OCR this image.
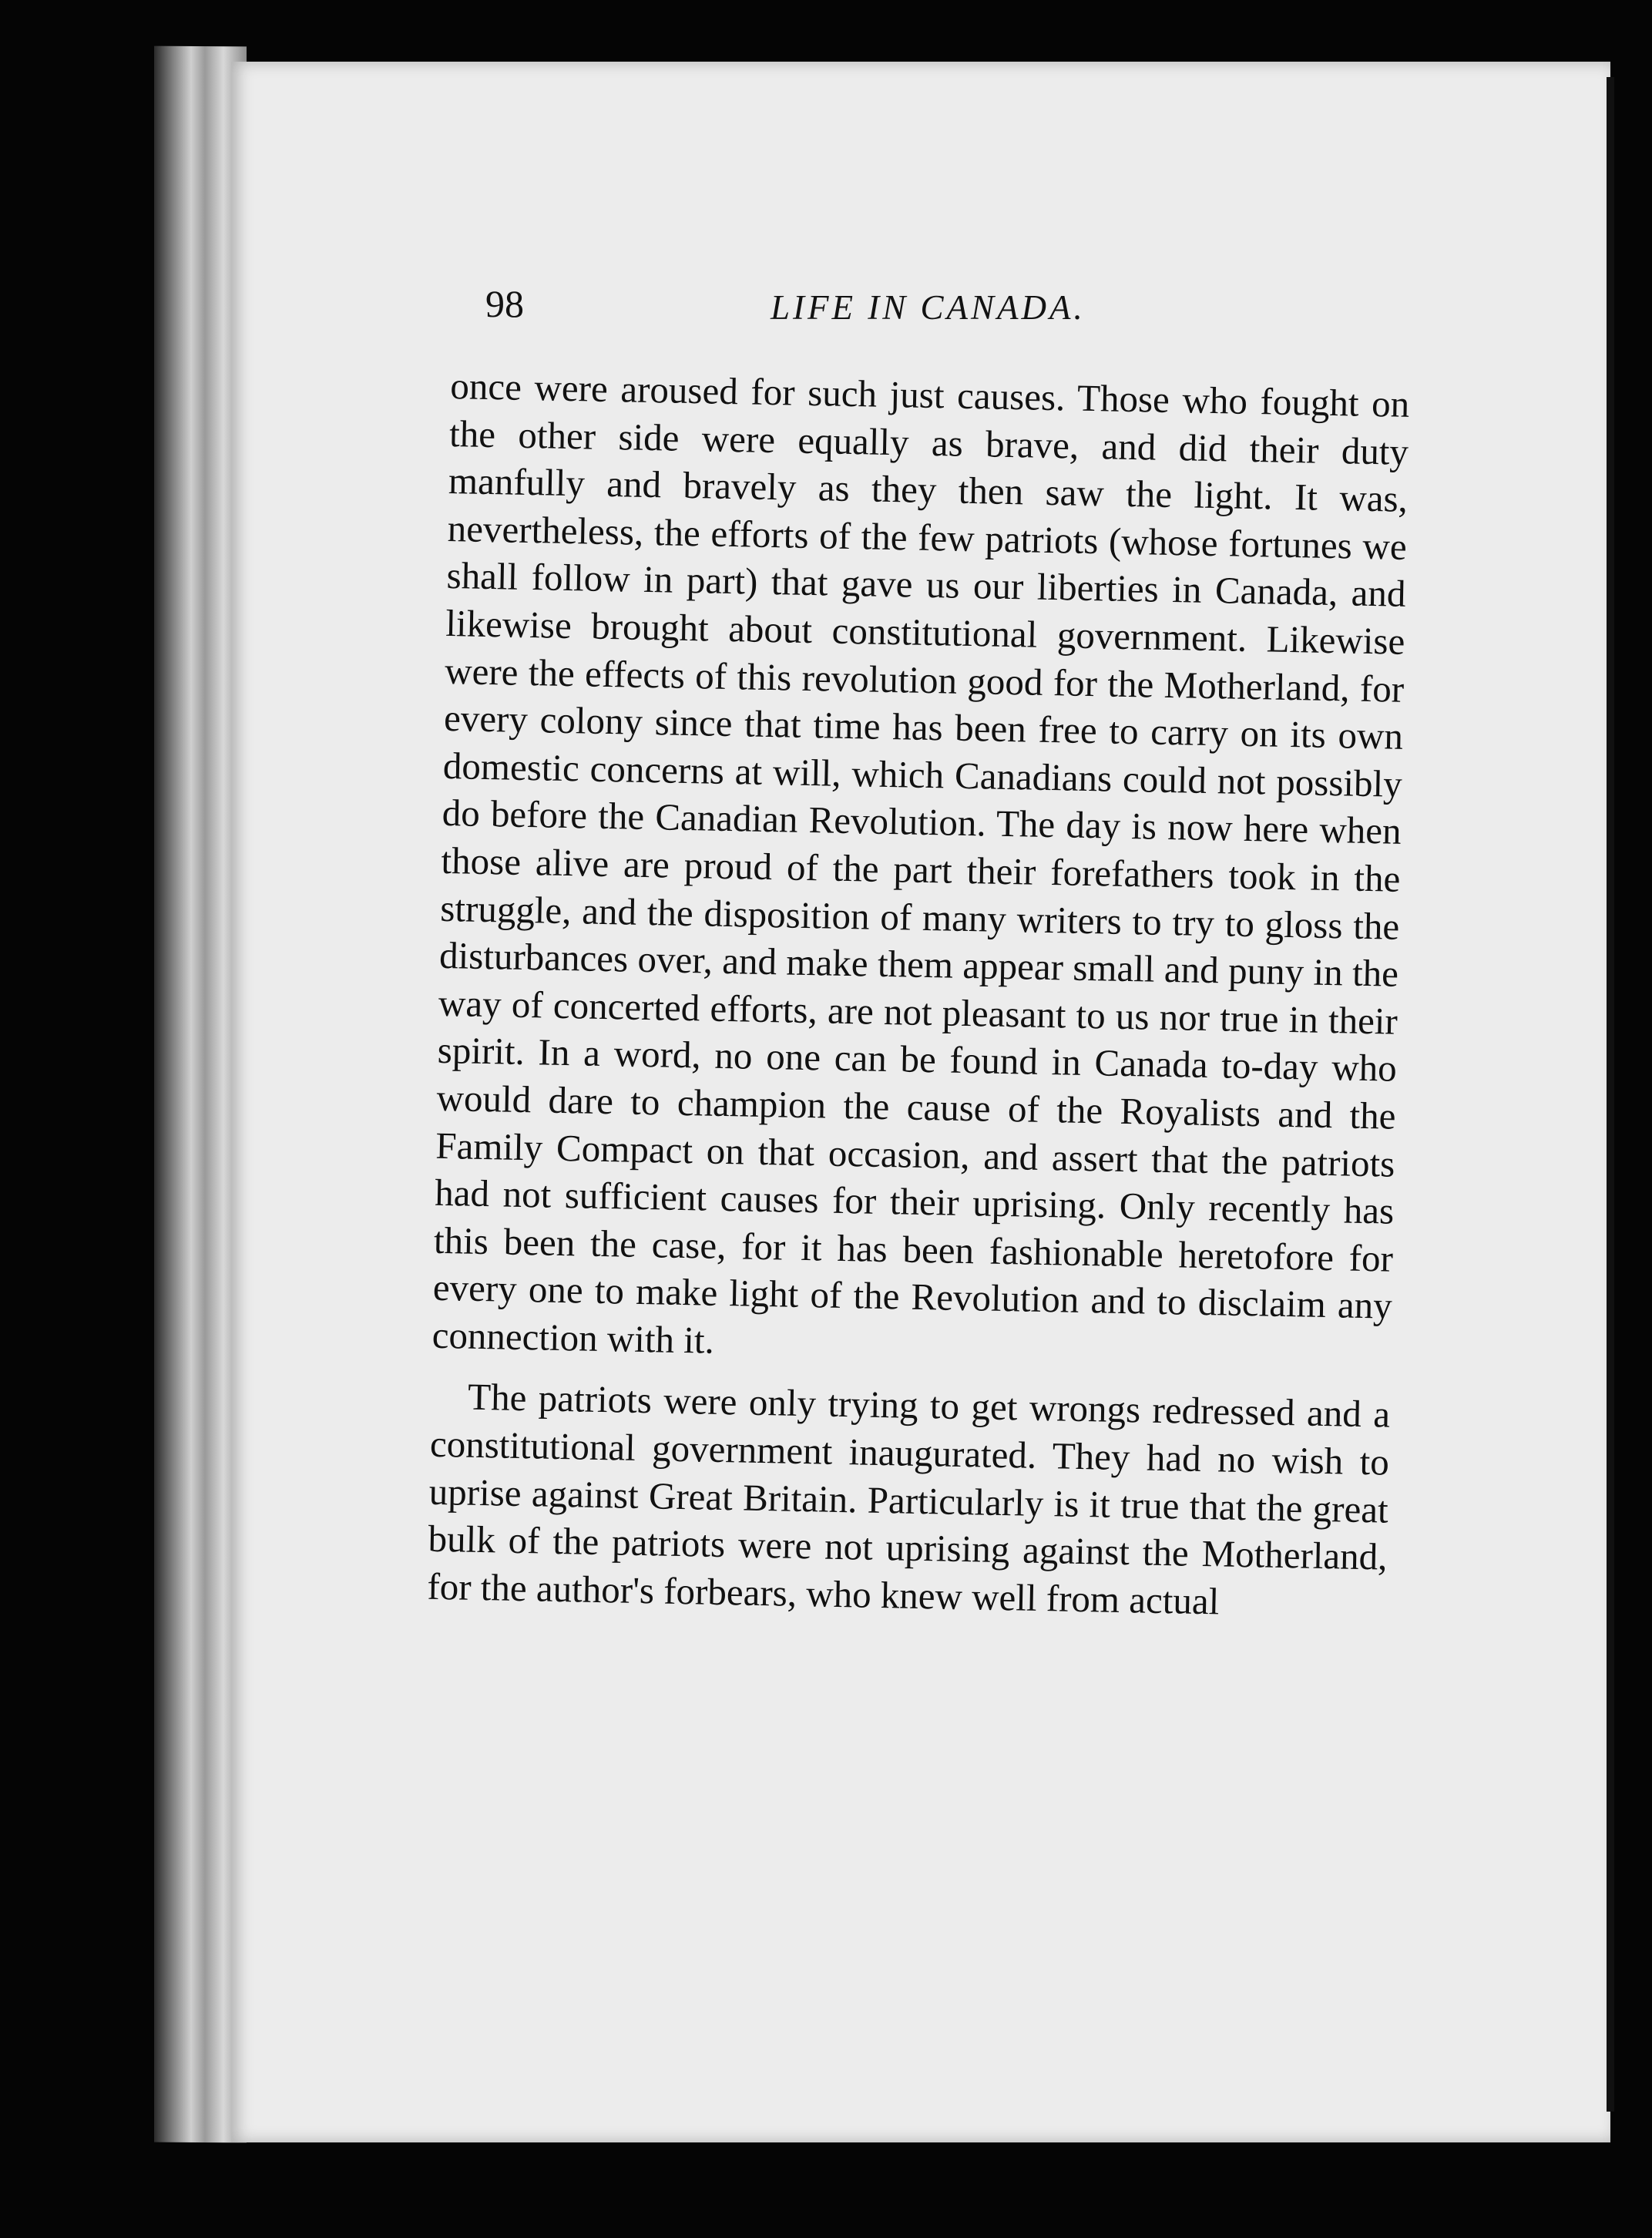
98	LIFE IN CANADA.

once were aroused for such just causes. Those who fought on the other side were equally as brave, and did their duty manfully and bravely as they then saw the light. It was, nevertheless, the efforts of the few patriots (whose fortunes we shall follow in part) that gave us our liberties in Canada, and likewise brought about constitutional government. Likewise were the effects of this revolution good for the Motherland, for every colony since that time has been free to carry on its own domestic concerns at will, which Canadians could not possibly do before the Canadian Revolution. The day is now here when those alive are proud of the part their forefathers took in the struggle, and the disposition of many writers to try to gloss the disturbances over, and make them appear small and puny in the way of concerted efforts, are not pleasant to us nor true in their spirit. In a word, no one can be found in Canada to-day who would dare to champion the cause of the Royalists and the Family Compact on that occasion, and assert that the patriots had not sufficient causes for their uprising. Only recently has this been the case, for it has been fashionable heretofore for every one to make light of the Revolution and to disclaim any connection with it.

The patriots were only trying to get wrongs redressed and a constitutional government inaugurated. They had no wish to uprise against Great Britain. Particularly is it true that the great bulk of the patriots were not uprising against the Motherland, for the author's forbears, who knew well from actual
